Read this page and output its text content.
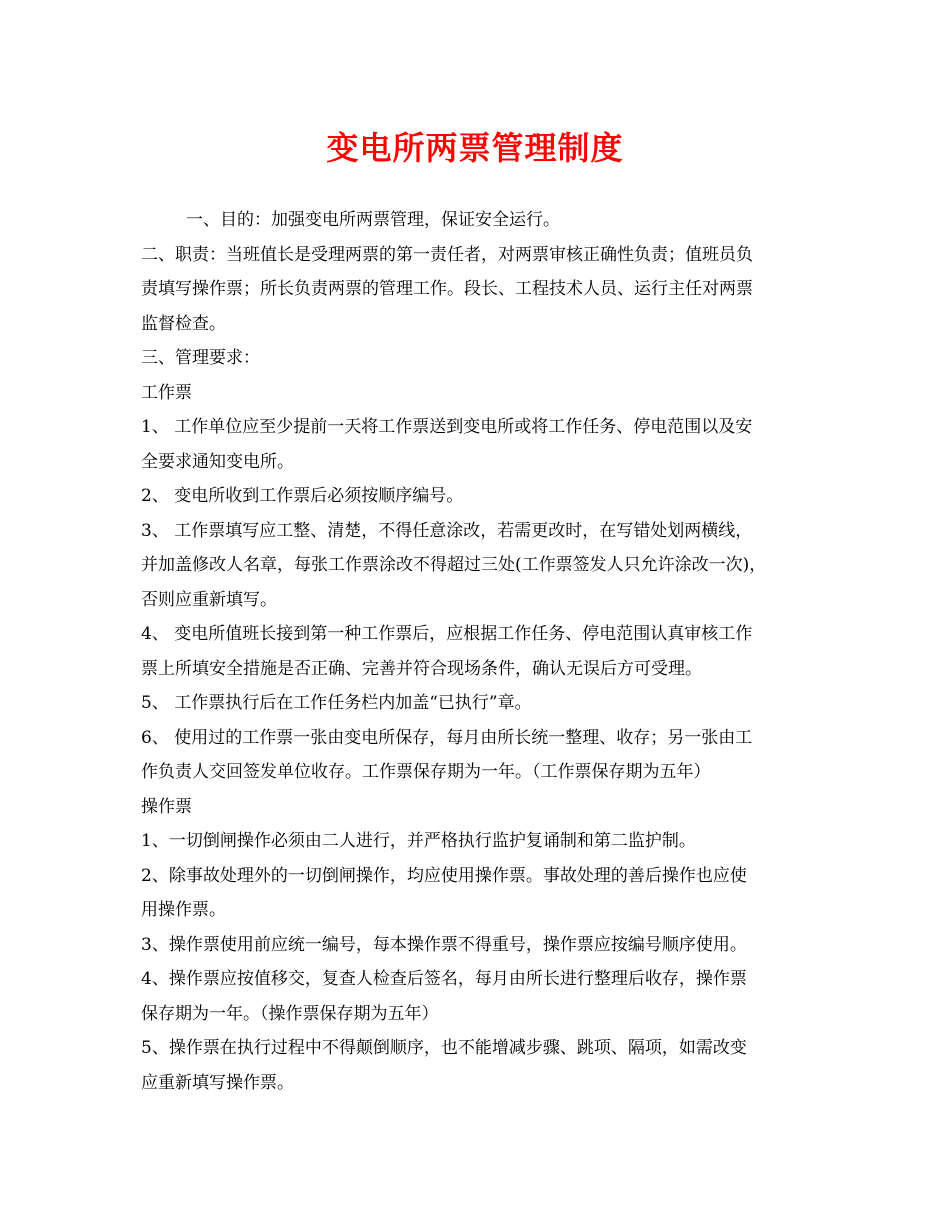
变电所两票管理制度
一、目的：加强变电所两票管理，保证安全运行。
二、职责：当班值长是受理两票的第一责任者，对两票审核正确性负责；值班员负
责填写操作票；所长负责两票的管理工作。段长、工程技术人员、运行主任对两票
监督检查。
三、管理要求：
工作票
1、 工作单位应至少提前一天将工作票送到变电所或将工作任务、停电范围以及安
全要求通知变电所。
2、 变电所收到工作票后必须按顺序编号。
3、 工作票填写应工整、清楚，不得任意涂改，若需更改时，在写错处划两横线，
并加盖修改人名章，每张工作票涂改不得超过三处(工作票签发人只允许涂改一次)，
否则应重新填写。
4、 变电所值班长接到第一种工作票后，应根据工作任务、停电范围认真审核工作
票上所填安全措施是否正确、完善并符合现场条件，确认无误后方可受理。
5、 工作票执行后在工作任务栏内加盖“已执行”章。
6、 使用过的工作票一张由变电所保存，每月由所长统一整理、收存；另一张由工
作负责人交回签发单位收存。工作票保存期为一年。（工作票保存期为五年）
操作票
1、一切倒闸操作必须由二人进行，并严格执行监护复诵制和第二监护制。
2、除事故处理外的一切倒闸操作，均应使用操作票。事故处理的善后操作也应使
用操作票。
3、操作票使用前应统一编号，每本操作票不得重号，操作票应按编号顺序使用。
4、操作票应按值移交，复查人检查后签名，每月由所长进行整理后收存，操作票
保存期为一年。（操作票保存期为五年）
5、操作票在执行过程中不得颠倒顺序，也不能增减步骤、跳项、隔项，如需改变
应重新填写操作票。
